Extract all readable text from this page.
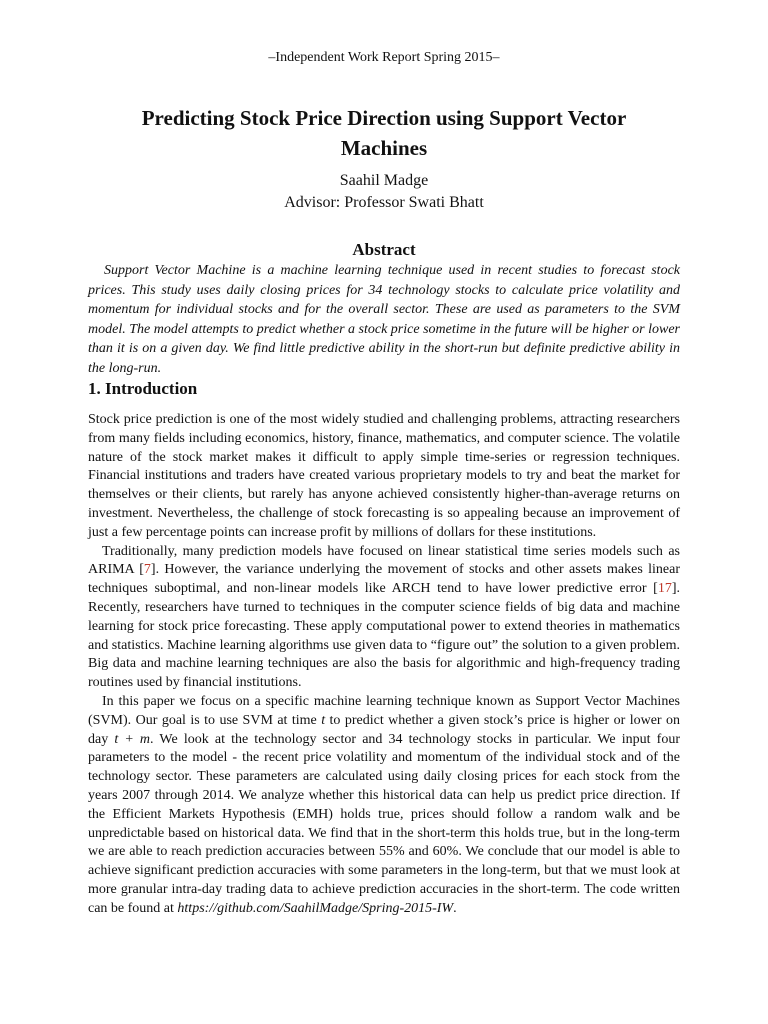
–Independent Work Report Spring 2015–
Predicting Stock Price Direction using Support Vector Machines
Saahil Madge
Advisor: Professor Swati Bhatt
Abstract

Support Vector Machine is a machine learning technique used in recent studies to forecast stock prices. This study uses daily closing prices for 34 technology stocks to calculate price volatility and momentum for individual stocks and for the overall sector. These are used as parameters to the SVM model. The model attempts to predict whether a stock price sometime in the future will be higher or lower than it is on a given day. We find little predictive ability in the short-run but definite predictive ability in the long-run.

1. Introduction

Stock price prediction is one of the most widely studied and challenging problems, attracting researchers from many fields including economics, history, finance, mathematics, and computer science. The volatile nature of the stock market makes it difficult to apply simple time-series or regression techniques. Financial institutions and traders have created various proprietary models to try and beat the market for themselves or their clients, but rarely has anyone achieved consistently higher-than-average returns on investment. Nevertheless, the challenge of stock forecasting is so appealing because an improvement of just a few percentage points can increase profit by millions of dollars for these institutions.

Traditionally, many prediction models have focused on linear statistical time series models such as ARIMA [7]. However, the variance underlying the movement of stocks and other assets makes linear techniques suboptimal, and non-linear models like ARCH tend to have lower predictive error [17]. Recently, researchers have turned to techniques in the computer science fields of big data and machine learning for stock price forecasting. These apply computational power to extend theories in mathematics and statistics. Machine learning algorithms use given data to “figure out” the solution to a given problem. Big data and machine learning techniques are also the basis for algorithmic and high-frequency trading routines used by financial institutions.

In this paper we focus on a specific machine learning technique known as Support Vector Machines (SVM). Our goal is to use SVM at time t to predict whether a given stock’s price is higher or lower on day t + m. We look at the technology sector and 34 technology stocks in particular. We input four parameters to the model - the recent price volatility and momentum of the individual stock and of the technology sector. These parameters are calculated using daily closing prices for each stock from the years 2007 through 2014. We analyze whether this historical data can help us predict price direction. If the Efficient Markets Hypothesis (EMH) holds true, prices should follow a random walk and be unpredictable based on historical data. We find that in the short-term this holds true, but in the long-term we are able to reach prediction accuracies between 55% and 60%. We conclude that our model is able to achieve significant prediction accuracies with some parameters in the long-term, but that we must look at more granular intra-day trading data to achieve prediction accuracies in the short-term. The code written can be found at https://github.com/SaahilMadge/Spring-2015-IW.
